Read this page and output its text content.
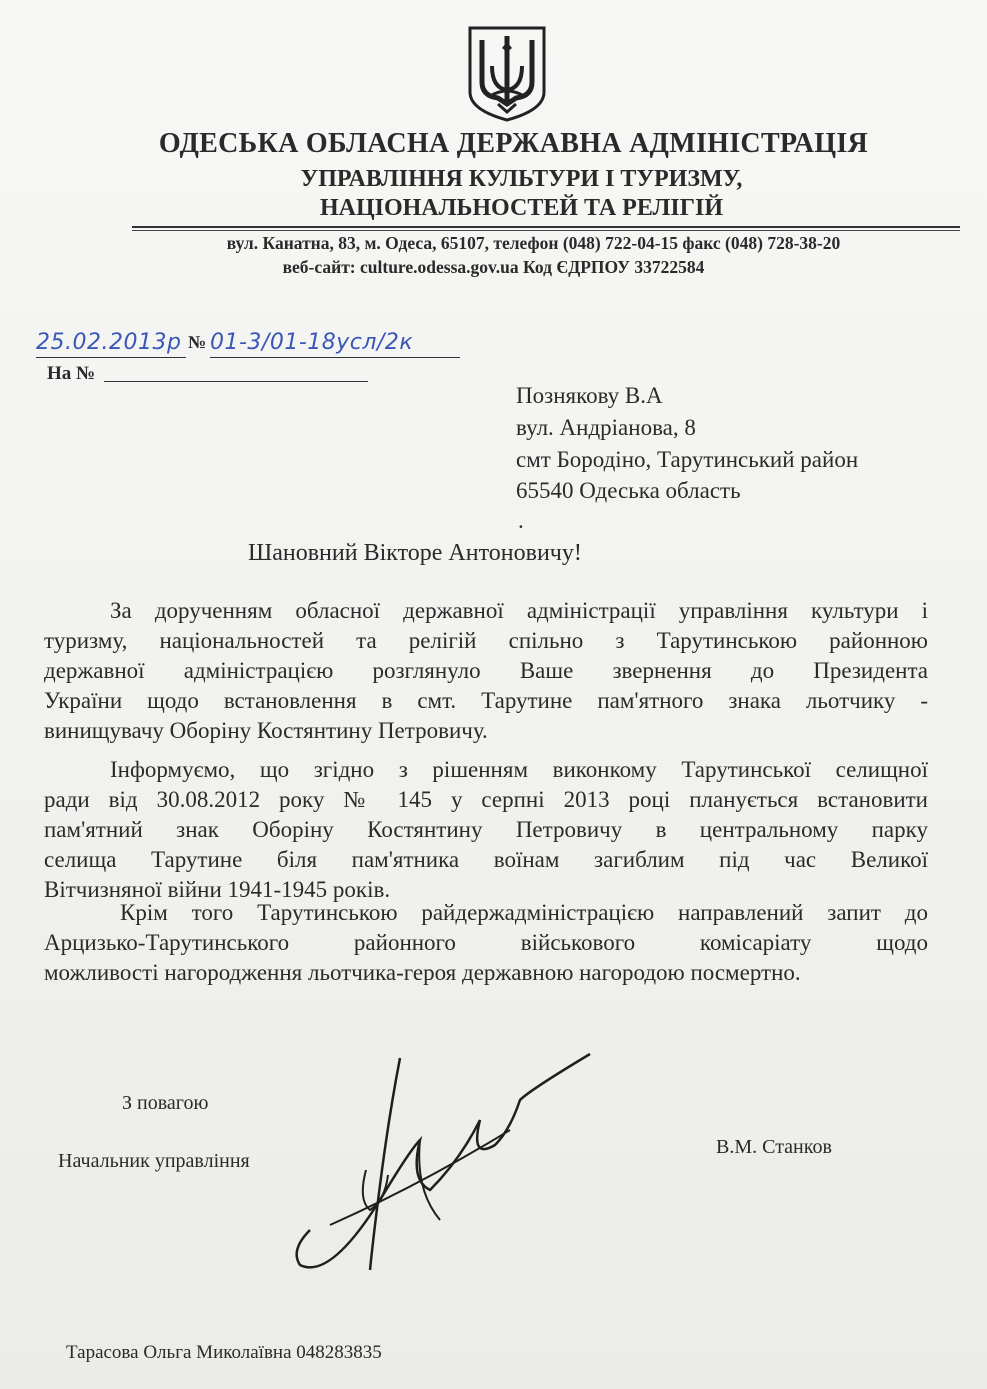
ОДЕСЬКА ОБЛАСНА ДЕРЖАВНА АДМІНІСТРАЦІЯ
УПРАВЛІННЯ КУЛЬТУРИ І ТУРИЗМУ,
НАЦІОНАЛЬНОСТЕЙ ТА РЕЛІГІЙ
вул. Канатна, 83, м. Одеса, 65107, телефон (048) 722-04-15 факс (048) 728-38-20
веб-сайт: culture.odessa.gov.ua Код ЄДРПОУ 33722584
25.02.2013р № 01-3/01-18усл/2к
На №
Познякову В.А
вул. Андріанова, 8
смт Бородіно, Тарутинський район
65540 Одеська область
.
Шановний Вікторе Антоновичу!
За дорученням обласної державної адміністрації управління культури і
туризму, національностей та релігій спільно з Тарутинською районною
державної адміністрацією розглянуло Ваше звернення до Президента
України щодо встановлення в смт. Тарутине пам'ятного знака льотчику -
винищувачу Оборіну Костянтину Петровичу.
Інформуємо, що згідно з рішенням виконкому Тарутинської селищної
ради від 30.08.2012 року № 145 у серпні 2013 році планується встановити
пам'ятний знак Оборіну Костянтину Петровичу в центральному парку
селища Тарутине біля пам'ятника воїнам загиблим під час Великої
Вітчизняної війни 1941-1945 років.
Крім того Тарутинською райдержадміністрацією направлений запит до
Арцизько-Тарутинського районного військового комісаріату щодо
можливості нагородження льотчика-героя державною нагородою посмертно.
З повагою
Начальник управління
В.М. Станков
Тарасова Ольга Миколаївна 048283835
